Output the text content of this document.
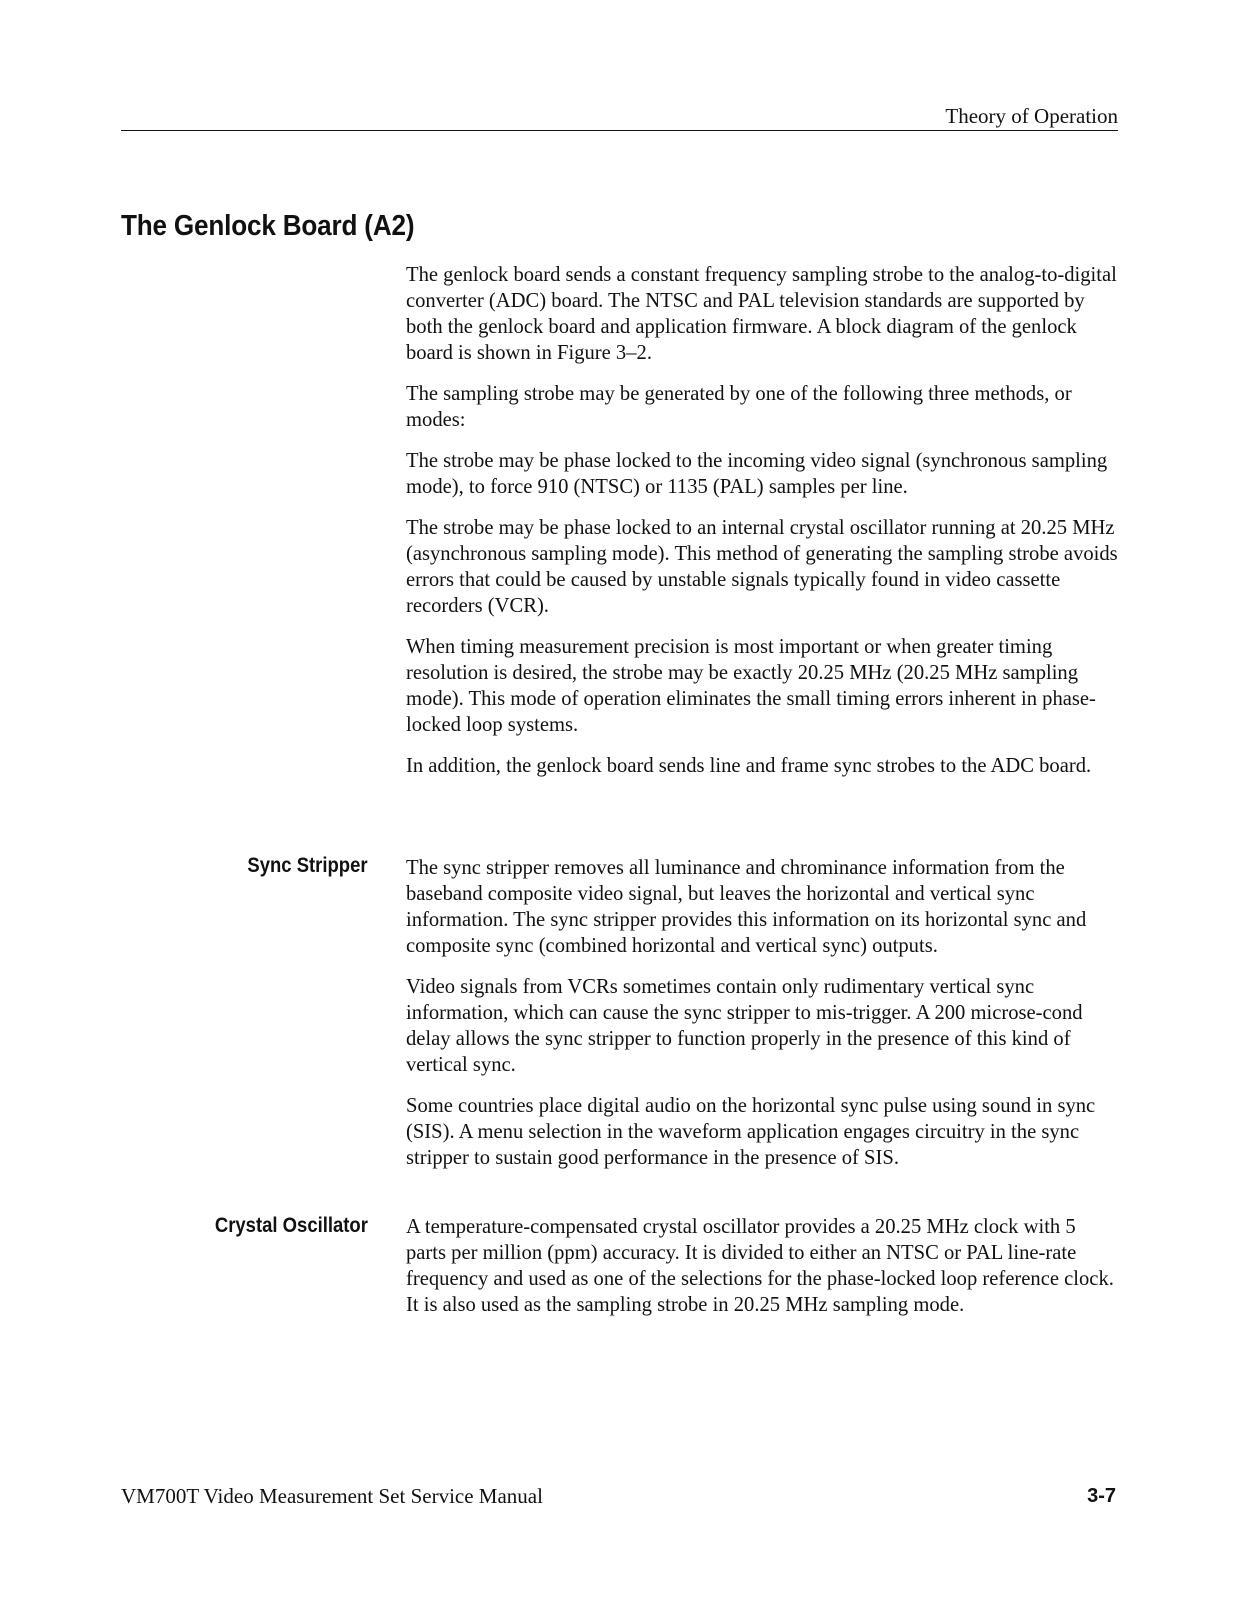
Theory of Operation
The Genlock Board (A2)

The genlock board sends a constant frequency sampling strobe to the analog-to-digital converter (ADC) board. The NTSC and PAL television standards are supported by both the genlock board and application firmware. A block diagram of the genlock board is shown in Figure 3–2.

The sampling strobe may be generated by one of the following three methods, or modes:

The strobe may be phase locked to the incoming video signal (synchronous sampling mode), to force 910 (NTSC) or 1135 (PAL) samples per line.

The strobe may be phase locked to an internal crystal oscillator running at 20.25 MHz (asynchronous sampling mode). This method of generating the sampling strobe avoids errors that could be caused by unstable signals typically found in video cassette recorders (VCR).

When timing measurement precision is most important or when greater timing resolution is desired, the strobe may be exactly 20.25 MHz (20.25 MHz sampling mode). This mode of operation eliminates the small timing errors inherent in phase-locked loop systems.

In addition, the genlock board sends line and frame sync strobes to the ADC board.

Sync Stripper The sync stripper removes all luminance and chrominance information from the baseband composite video signal, but leaves the horizontal and vertical sync information. The sync stripper provides this information on its horizontal sync and composite sync (combined horizontal and vertical sync) outputs.

Video signals from VCRs sometimes contain only rudimentary vertical sync information, which can cause the sync stripper to mis-trigger. A 200 microse-cond delay allows the sync stripper to function properly in the presence of this kind of vertical sync.

Some countries place digital audio on the horizontal sync pulse using sound in sync (SIS). A menu selection in the waveform application engages circuitry in the sync stripper to sustain good performance in the presence of SIS.

Crystal Oscillator A temperature-compensated crystal oscillator provides a 20.25 MHz clock with 5 parts per million (ppm) accuracy. It is divided to either an NTSC or PAL line-rate frequency and used as one of the selections for the phase-locked loop reference clock. It is also used as the sampling strobe in 20.25 MHz sampling mode.

VM700T Video Measurement Set Service Manual	3-7
